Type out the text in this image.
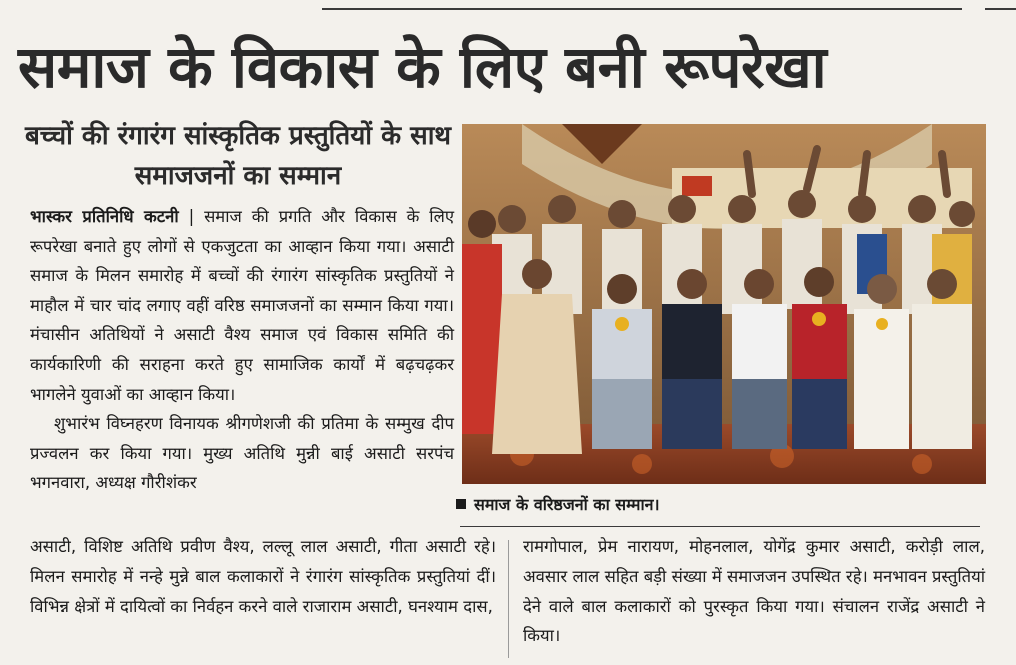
समाज के विकास के लिए बनी रूपरेखा
बच्चों की रंगारंग सांस्कृतिक प्रस्तुतियों के साथ समाजजनों का सम्मान

भास्कर प्रतिनिधि कटनी | समाज की प्रगति और विकास के लिए रूपरेखा बनाते हुए लोगों से एकजुटता का आव्हान किया गया। असाटी समाज के मिलन समारोह में बच्चों की रंगारंग सांस्कृतिक प्रस्तुतियों ने माहौल में चार चांद लगाए वहीं वरिष्ठ समाजजनों का सम्मान किया गया। मंचासीन अतिथियों ने असाटी वैश्य समाज एवं विकास समिति की कार्यकारिणी की सराहना करते हुए सामाजिक कार्यों में बढ़चढ़कर भागलेने युवाओं का आव्हान किया।

शुभारंभ विघ्नहरण विनायक श्रीगणेशजी की प्रतिमा के सम्मुख दीप प्रज्वलन कर किया गया। मुख्य अतिथि मुन्नी बाई असाटी सरपंच भगनवारा, अध्यक्ष गौरीशंकर

समाज के वरिष्ठजनों का सम्मान।

असाटी, विशिष्ट अतिथि प्रवीण वैश्य, लल्लू लाल असाटी, गीता असाटी रहे। मिलन समारोह में नन्हे मुन्ने बाल कलाकारों ने रंगारंग सांस्कृतिक प्रस्तुतियां दीं। विभिन्न क्षेत्रों में दायित्वों का निर्वहन करने वाले राजाराम असाटी, घनश्याम दास,

रामगोपाल, प्रेम नारायण, मोहनलाल, योगेंद्र कुमार असाटी, करोड़ी लाल, अवसार लाल सहित बड़ी संख्या में समाजजन उपस्थित रहे। मनभावन प्रस्तुतियां देने वाले बाल कलाकारों को पुरस्कृत किया गया। संचालन राजेंद्र असाटी ने किया।
